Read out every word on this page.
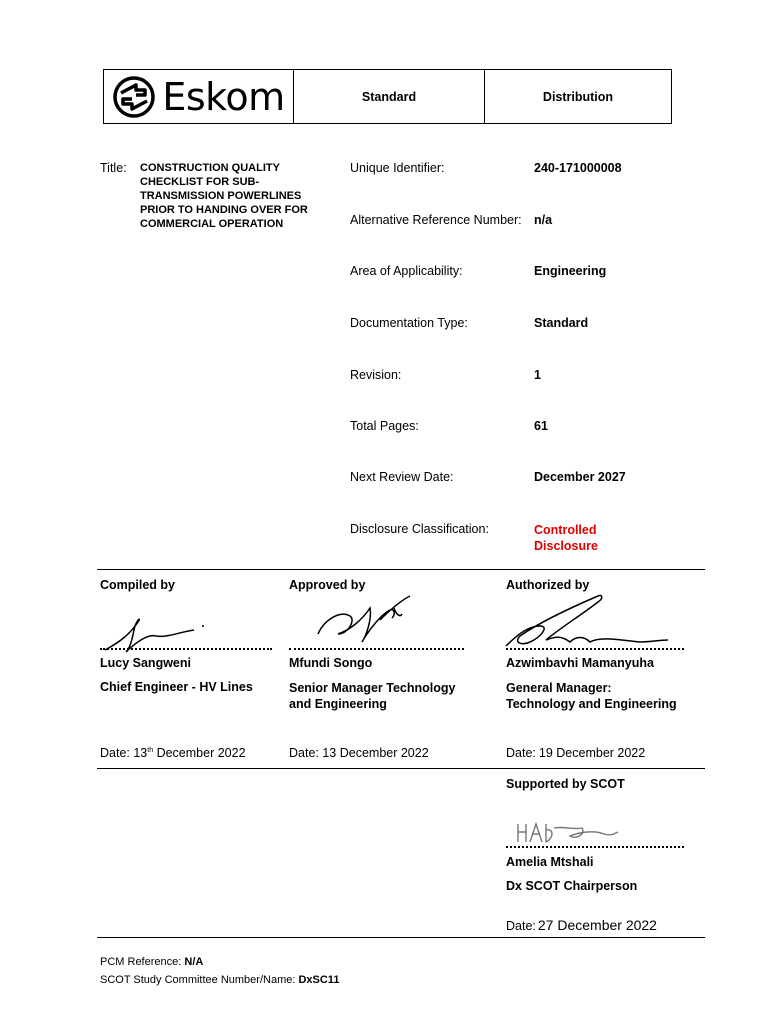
Eskom	Standard	Distribution
Title: CONSTRUCTION QUALITY
CHECKLIST FOR SUB-
TRANSMISSION POWERLINES
PRIOR TO HANDING OVER FOR
COMMERCIAL OPERATION
Unique Identifier:	240-171000008
Alternative Reference Number: n/a
Area of Applicability:	Engineering
Documentation Type:	Standard
Revision:	1
Total Pages:	61
Next Review Date:	December 2027
Disclosure Classification:	Controlled
Disclosure
Compiled by
Lucy Sangweni
Chief Engineer - HV Lines
Date: 13th December 2022
Approved by
Mfundi Songo
Senior Manager Technology
and Engineering
Date: 13 December 2022
Authorized by
Azwimbavhi Mamanyuha
General Manager:
Technology and Engineering
Date: 19 December 2022
Supported by SCOT
Amelia Mtshali
Dx SCOT Chairperson
Date: 27 December 2022
PCM Reference: N/A
SCOT Study Committee Number/Name: DxSC11
